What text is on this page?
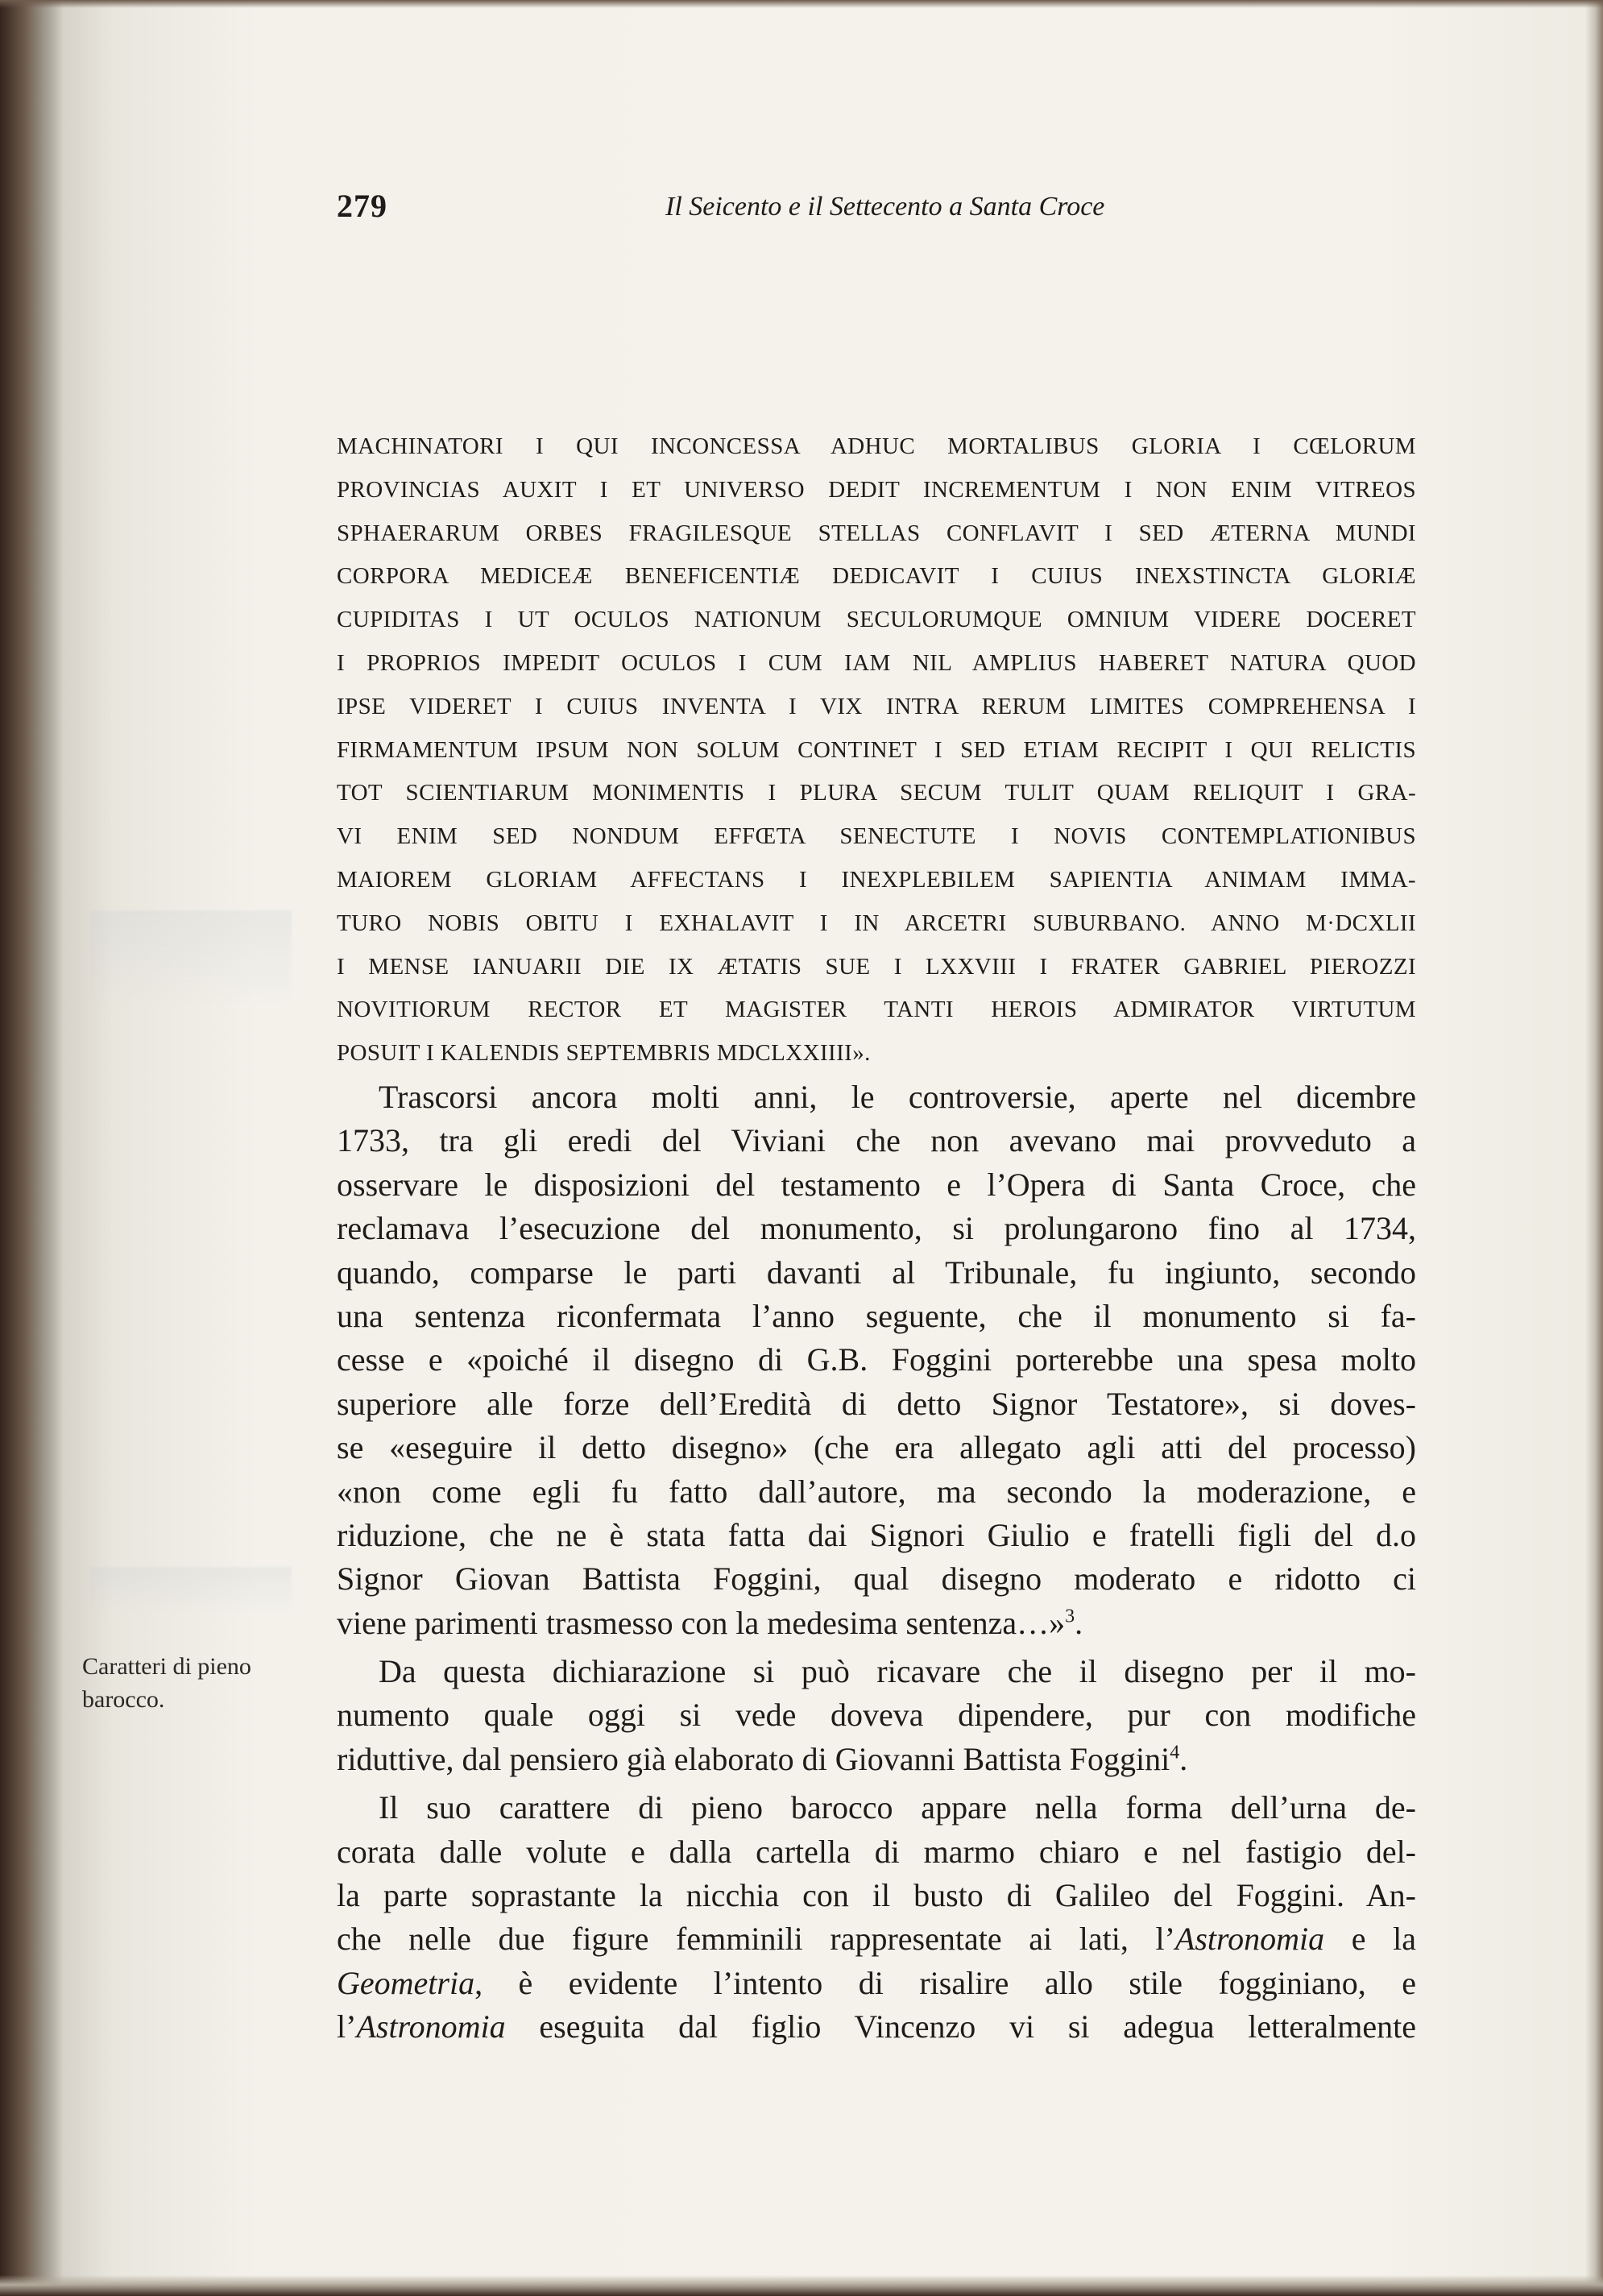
279	Il Seicento e il Settecento a Santa Croce
MACHINATORI I QUI INCONCESSA ADHUC MORTALIBUS GLORIA I CŒLORUM
PROVINCIAS AUXIT I ET UNIVERSO DEDIT INCREMENTUM I NON ENIM VITREOS
SPHAERARUM ORBES FRAGILESQUE STELLAS CONFLAVIT I SED ÆTERNA MUNDI
CORPORA MEDICEÆ BENEFICENTIÆ DEDICAVIT I CUIUS INEXSTINCTA GLORIÆ
CUPIDITAS I UT OCULOS NATIONUM SECULORUMQUE OMNIUM VIDERE DOCERET
I PROPRIOS IMPEDIT OCULOS I CUM IAM NIL AMPLIUS HABERET NATURA QUOD
IPSE VIDERET I CUIUS INVENTA I VIX INTRA RERUM LIMITES COMPREHENSA I
FIRMAMENTUM IPSUM NON SOLUM CONTINET I SED ETIAM RECIPIT I QUI RELICTIS
TOT SCIENTIARUM MONIMENTIS I PLURA SECUM TULIT QUAM RELIQUIT I GRA-
VI ENIM SED NONDUM EFFŒTA SENECTUTE I NOVIS CONTEMPLATIONIBUS
MAIOREM GLORIAM AFFECTANS I INEXPLEBILEM SAPIENTIA ANIMAM IMMA-
TURO NOBIS OBITU I EXHALAVIT I IN ARCETRI SUBURBANO. ANNO M·DCXLII
I MENSE IANUARII DIE IX ÆTATIS SUE I LXXVIII I FRATER GABRIEL PIEROZZI
NOVITIORUM RECTOR ET MAGISTER TANTI HEROIS ADMIRATOR VIRTUTUM
POSUIT I KALENDIS SEPTEMBRIS MDCLXXIIII».
Trascorsi ancora molti anni, le controversie, aperte nel dicembre
1733, tra gli eredi del Viviani che non avevano mai provveduto a
osservare le disposizioni del testamento e l’Opera di Santa Croce, che
reclamava l’esecuzione del monumento, si prolungarono fino al 1734,
quando, comparse le parti davanti al Tribunale, fu ingiunto, secondo
una sentenza riconfermata l’anno seguente, che il monumento si fa-
cesse e «poiché il disegno di G.B. Foggini porterebbe una spesa molto
superiore alle forze dell’Eredità di detto Signor Testatore», si doves-
se «eseguire il detto disegno» (che era allegato agli atti del processo)
«non come egli fu fatto dall’autore, ma secondo la moderazione, e
riduzione, che ne è stata fatta dai Signori Giulio e fratelli figli del d.o
Signor Giovan Battista Foggini, qual disegno moderato e ridotto ci
viene parimenti trasmesso con la medesima sentenza…»$^3$.
Da questa dichiarazione si può ricavare che il disegno per il mo-
numento quale oggi si vede doveva dipendere, pur con modifiche
riduttive, dal pensiero già elaborato di Giovanni Battista Foggini$^4$.
Il suo carattere di pieno barocco appare nella forma dell’urna de-
corata dalle volute e dalla cartella di marmo chiaro e nel fastigio del-
la parte soprastante la nicchia con il busto di Galileo del Foggini. An-
che nelle due figure femminili rappresentate ai lati, l’Astronomia e la
Geometria, è evidente l’intento di risalire allo stile fogginiano, e
l’Astronomia eseguita dal figlio Vincenzo vi si adegua letteralmente
Caratteri di pieno barocco.
